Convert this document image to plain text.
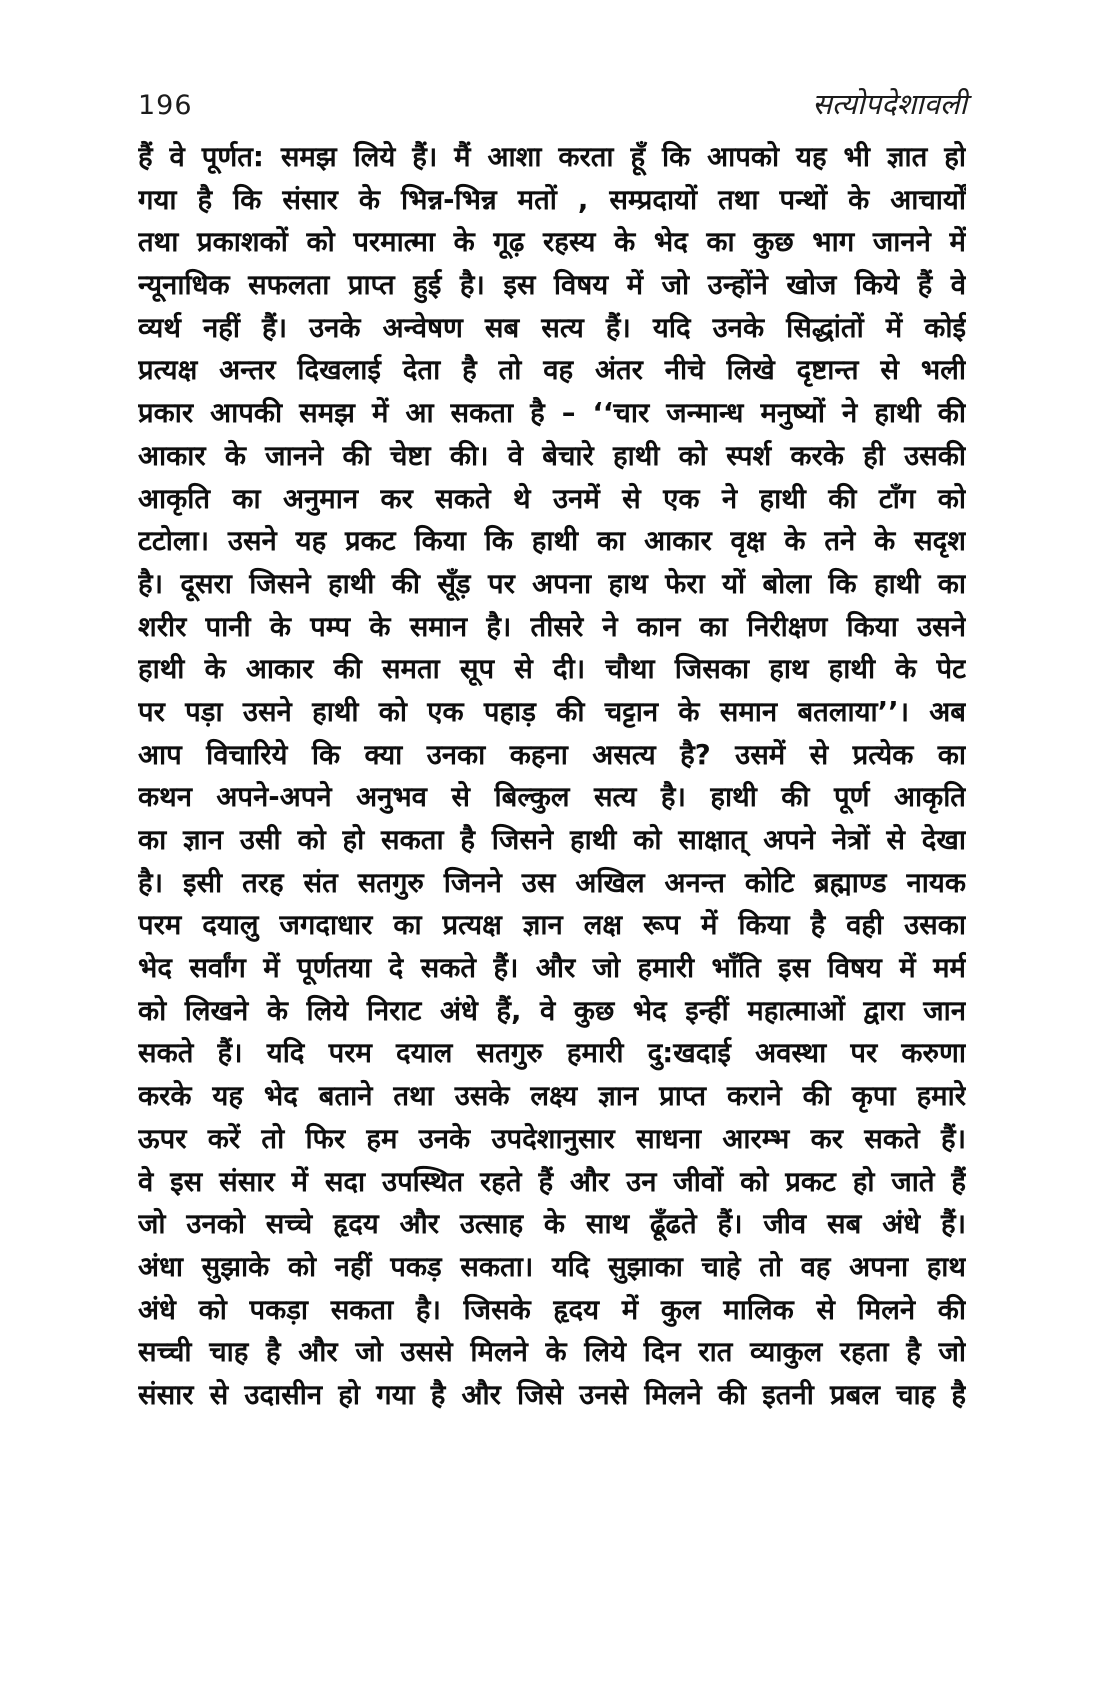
196	सत्योपदेशावली
हैं वे पूर्णत: समझ लिये हैं। मैं आशा करता हूँ कि आपको यह भी ज्ञात हो
गया है कि संसार के भिन्न-भिन्न मतों , सम्प्रदायों तथा पन्थों के आचार्यों
तथा प्रकाशकों को परमात्मा के गूढ़ रहस्य के भेद का कुछ भाग जानने में
न्यूनाधिक सफलता प्राप्त हुई है। इस विषय में जो उन्होंने खोज किये हैं वे
व्यर्थ नहीं हैं। उनके अन्वेषण सब सत्य हैं। यदि उनके सिद्धांतों में कोई
प्रत्यक्ष अन्तर दिखलाई देता है तो वह अंतर नीचे लिखे दृष्टान्त से भली
प्रकार आपकी समझ में आ सकता है – ‘‘चार जन्मान्ध मनुष्यों ने हाथी की
आकार के जानने की चेष्टा की। वे बेचारे हाथी को स्पर्श करके ही उसकी
आकृति का अनुमान कर सकते थे उनमें से एक ने हाथी की टाँग को
टटोला। उसने यह प्रकट किया कि हाथी का आकार वृक्ष के तने के सदृश
है। दूसरा जिसने हाथी की सूँड़ पर अपना हाथ फेरा यों बोला कि हाथी का
शरीर पानी के पम्प के समान है। तीसरे ने कान का निरीक्षण किया उसने
हाथी के आकार की समता सूप से दी। चौथा जिसका हाथ हाथी के पेट
पर पड़ा उसने हाथी को एक पहाड़ की चट्टान के समान बतलाया’’। अब
आप विचारिये कि क्या उनका कहना असत्य है? उसमें से प्रत्येक का
कथन अपने-अपने अनुभव से बिल्कुल सत्य है। हाथी की पूर्ण आकृति
का ज्ञान उसी को हो सकता है जिसने हाथी को साक्षात् अपने नेत्रों से देखा
है। इसी तरह संत सतगुरु जिनने उस अखिल अनन्त कोटि ब्रह्माण्ड नायक
परम दयालु जगदाधार का प्रत्यक्ष ज्ञान लक्ष रूप में किया है वही उसका
भेद सर्वांग में पूर्णतया दे सकते हैं। और जो हमारी भाँति इस विषय में मर्म
को लिखने के लिये निराट अंधे हैं, वे कुछ भेद इन्हीं महात्माओं द्वारा जान
सकते हैं। यदि परम दयाल सतगुरु हमारी दु:खदाई अवस्था पर करुणा
करके यह भेद बताने तथा उसके लक्ष्य ज्ञान प्राप्त कराने की कृपा हमारे
ऊपर करें तो फिर हम उनके उपदेशानुसार साधना आरम्भ कर सकते हैं।
वे इस संसार में सदा उपस्थित रहते हैं और उन जीवों को प्रकट हो जाते हैं
जो उनको सच्चे हृदय और उत्साह के साथ ढूँढते हैं। जीव सब अंधे हैं।
अंधा सुझाके को नहीं पकड़ सकता। यदि सुझाका चाहे तो वह अपना हाथ
अंधे को पकड़ा सकता है। जिसके हृदय में कुल मालिक से मिलने की
सच्ची चाह है और जो उससे मिलने के लिये दिन रात व्याकुल रहता है जो
संसार से उदासीन हो गया है और जिसे उनसे मिलने की इतनी प्रबल चाह है
